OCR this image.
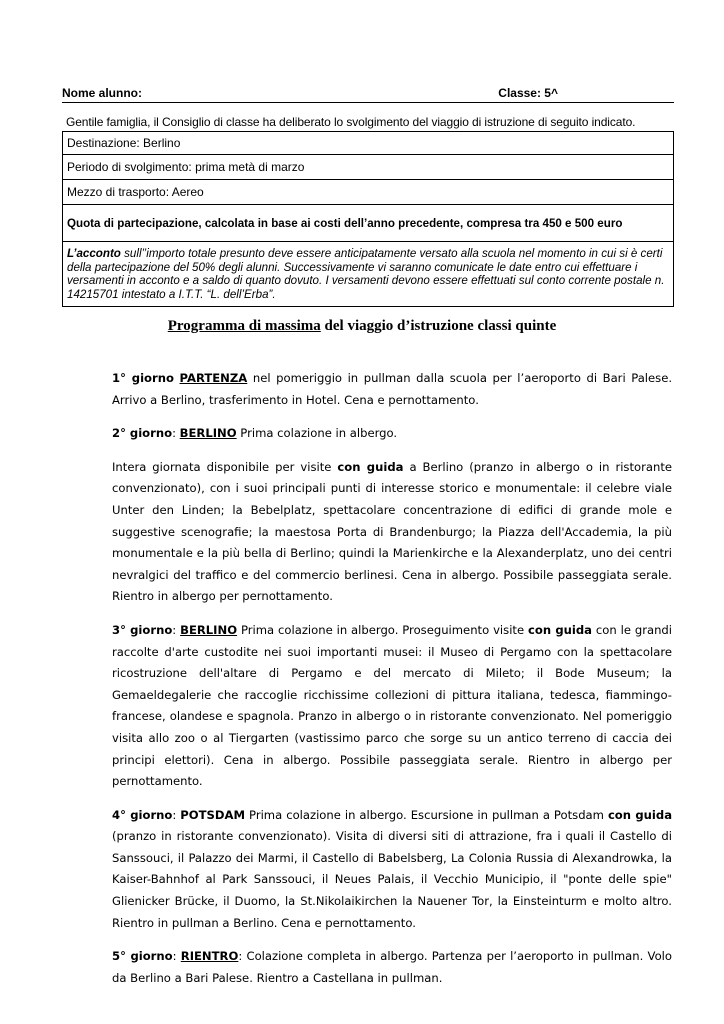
Nome alunno:	Classe: 5^
Gentile famiglia, il Consiglio di classe ha deliberato lo svolgimento del viaggio di istruzione di seguito indicato.
Destinazione: Berlino
Periodo di svolgimento: prima metà di marzo
Mezzo di trasporto: Aereo
Quota di partecipazione, calcolata in base ai costi dell’anno precedente, compresa tra 450 e 500 euro
L’acconto sull’’importo totale presunto deve essere anticipatamente versato alla scuola nel momento in cui si è certi della partecipazione del 50% degli alunni. Successivamente vi saranno comunicate le date entro cui effettuare i versamenti in acconto e a saldo di quanto dovuto. I versamenti devono essere effettuati sul conto corrente postale n. 14215701 intestato a I.T.T. “L. dell’Erba”.
Programma di massima del viaggio d’istruzione classi quinte

1° giorno PARTENZA nel pomeriggio in pullman dalla scuola per l’aeroporto di Bari Palese. Arrivo a Berlino, trasferimento in Hotel. Cena e pernottamento.

2° giorno: BERLINO Prima colazione in albergo.

Intera giornata disponibile per visite con guida a Berlino (pranzo in albergo o in ristorante convenzionato), con i suoi principali punti di interesse storico e monumentale: il celebre viale Unter den Linden; la Bebelplatz, spettacolare concentrazione di edifici di grande mole e suggestive scenografie; la maestosa Porta di Brandenburgo; la Piazza dell'Accademia, la più monumentale e la più bella di Berlino; quindi la Marienkirche e la Alexanderplatz, uno dei centri nevralgici del traffico e del commercio berlinesi. Cena in albergo. Possibile passeggiata serale. Rientro in albergo per pernottamento.

3° giorno: BERLINO Prima colazione in albergo. Proseguimento visite con guida con le grandi raccolte d'arte custodite nei suoi importanti musei: il Museo di Pergamo con la spettacolare ricostruzione dell'altare di Pergamo e del mercato di Mileto; il Bode Museum; la Gemaeldegalerie che raccoglie ricchissime collezioni di pittura italiana, tedesca, fiammingo-francese, olandese e spagnola. Pranzo in albergo o in ristorante convenzionato. Nel pomeriggio visita allo zoo o al Tiergarten (vastissimo parco che sorge su un antico terreno di caccia dei principi elettori). Cena in albergo. Possibile passeggiata serale. Rientro in albergo per pernottamento.

4° giorno: POTSDAM Prima colazione in albergo. Escursione in pullman a Potsdam con guida (pranzo in ristorante convenzionato). Visita di diversi siti di attrazione, fra i quali il Castello di Sanssouci, il Palazzo dei Marmi, il Castello di Babelsberg, La Colonia Russia di Alexandrowka, la Kaiser-Bahnhof al Park Sanssouci, il Neues Palais, il Vecchio Municipio, il "ponte delle spie" Glienicker Brücke, il Duomo, la St.Nikolaikirchen la Nauener Tor, la Einsteinturm e molto altro. Rientro in pullman a Berlino. Cena e pernottamento.

5° giorno: RIENTRO: Colazione completa in albergo. Partenza per l’aeroporto in pullman. Volo da Berlino a Bari Palese. Rientro a Castellana in pullman.
